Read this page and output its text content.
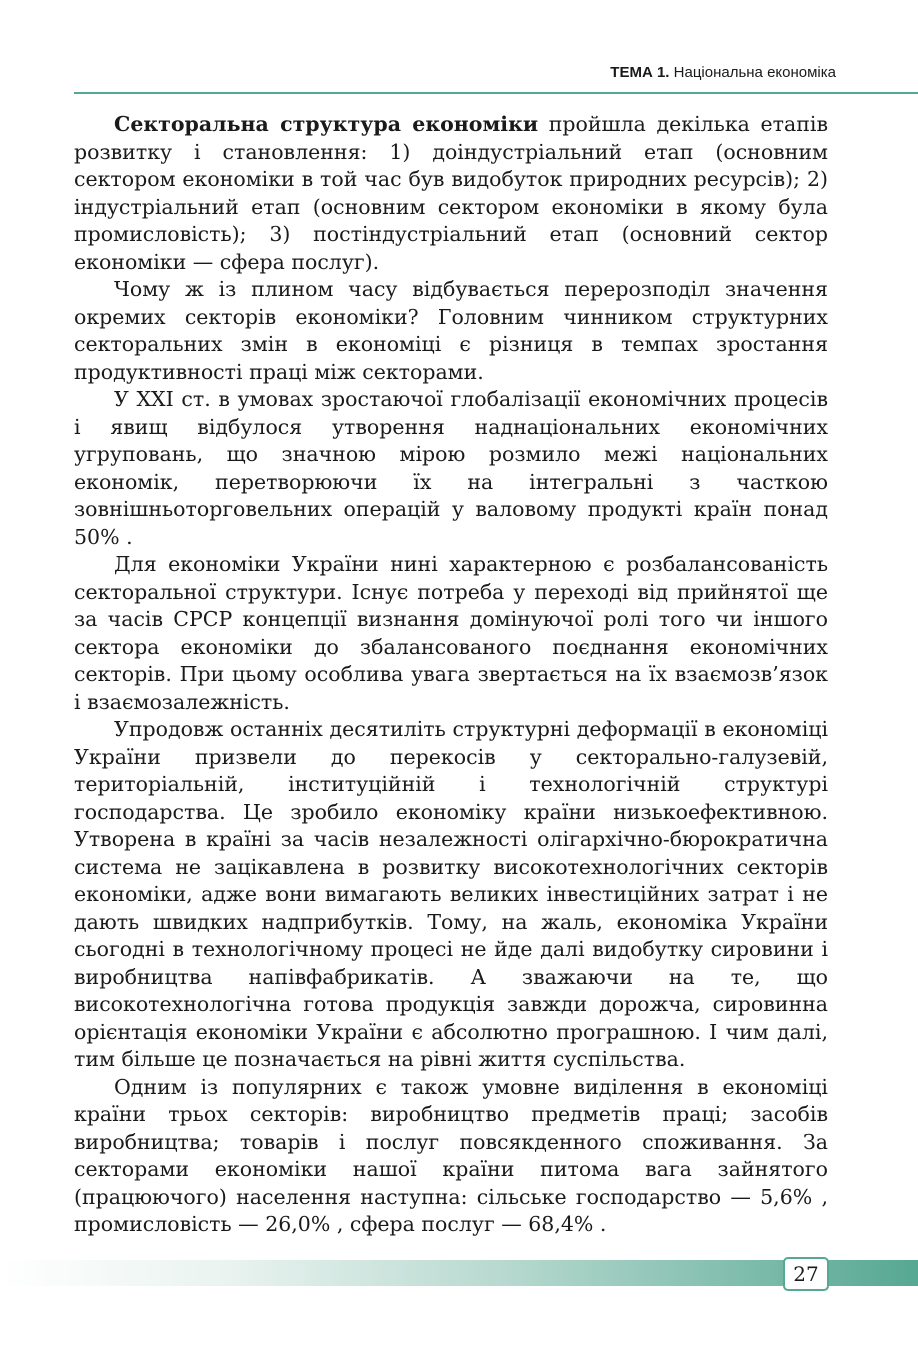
ТЕМА 1. Національна економіка

Секторальна структура економіки пройшла декілька етапів розвитку і становлення: 1) доіндустріальний етап (основним сектором економіки в той час був видобуток природних ресурсів); 2) індустріальний етап (основним сектором економіки в якому була промисловість); 3) постіндустріальний етап (основний сектор економіки — сфера послуг).

Чому ж із плином часу відбувається перерозподіл значення окремих секторів економіки? Головним чинником структурних секторальних змін в економіці є різниця в темпах зростання продуктивності праці між секторами.

У ХХІ ст. в умовах зростаючої глобалізації економічних процесів і явищ відбулося утворення наднаціональних економічних угруповань, що значною мірою розмило межі національних економік, перетворюючи їх на інтегральні з часткою зовнішньоторговельних операцій у валовому продукті країн понад 50% .

Для економіки України нині характерною є розбалансованість секторальної структури. Існує потреба у переході від прийнятої ще за часів СРСР концепції визнання домінуючої ролі того чи іншого сектора економіки до збалансованого поєднання економічних секторів. При цьому особлива увага звертається на їх взаємозв’язок і взаємозалежність.

Упродовж останніх десятиліть структурні деформації в економіці України призвели до перекосів у секторально-галузевій, територіальній, інституційній і технологічній структурі господарства. Це зробило економіку країни низькоефективною. Утворена в країні за часів незалежності олігархічно-бюрократична система не зацікавлена в розвитку високотехнологічних секторів економіки, адже вони вимагають великих інвестиційних затрат і не дають швидких надприбутків. Тому, на жаль, економіка України сьогодні в технологічному процесі не йде далі видобутку сировини і виробництва напівфабрикатів. А зважаючи на те, що високотехнологічна готова продукція завжди дорожча, сировинна орієнтація економіки України є абсолютно програшною. І чим далі, тим більше це позначається на рівні життя суспільства.

Одним із популярних є також умовне виділення в економіці країни трьох секторів: виробництво предметів праці; засобів виробництва; товарів і послуг повсякденного споживання. За секторами економіки нашої країни питома вага зайнятого (працюючого) населення наступна: сільське господарство — 5,6% , промисловість — 26,0% , сфера послуг — 68,4% .

27
